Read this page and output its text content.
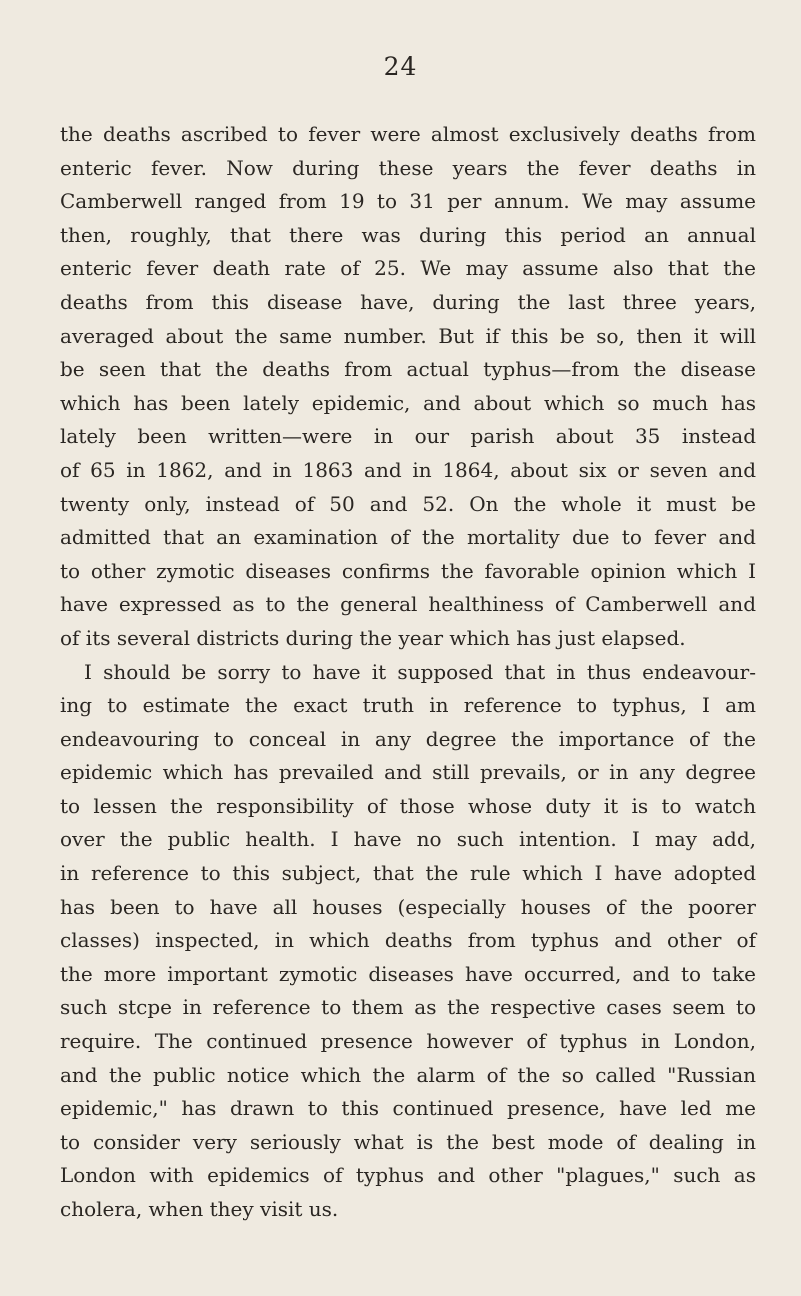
24
the deaths ascribed to fever were almost exclusively deaths from
enteric fever. Now during these years the fever deaths in
Camberwell ranged from 19 to 31 per annum. We may assume
then, roughly, that there was during this period an annual
enteric fever death rate of 25. We may assume also that the
deaths from this disease have, during the last three years,
averaged about the same number. But if this be so, then it will
be seen that the deaths from actual typhus—from the disease
which has been lately epidemic, and about which so much has
lately been written—were in our parish about 35 instead
of 65 in 1862, and in 1863 and in 1864, about six or seven and
twenty only, instead of 50 and 52. On the whole it must be
admitted that an examination of the mortality due to fever and
to other zymotic diseases confirms the favorable opinion which I
have expressed as to the general healthiness of Camberwell and
of its several districts during the year which has just elapsed.
I should be sorry to have it supposed that in thus endeavour-
ing to estimate the exact truth in reference to typhus, I am
endeavouring to conceal in any degree the importance of the
epidemic which has prevailed and still prevails, or in any degree
to lessen the responsibility of those whose duty it is to watch
over the public health. I have no such intention. I may add,
in reference to this subject, that the rule which I have adopted
has been to have all houses (especially houses of the poorer
classes) inspected, in which deaths from typhus and other of
the more important zymotic diseases have occurred, and to take
such stcpe in reference to them as the respective cases seem to
require. The continued presence however of typhus in London,
and the public notice which the alarm of the so called "Russian
epidemic," has drawn to this continued presence, have led me
to consider very seriously what is the best mode of dealing in
London with epidemics of typhus and other "plagues," such as
cholera, when they visit us.
